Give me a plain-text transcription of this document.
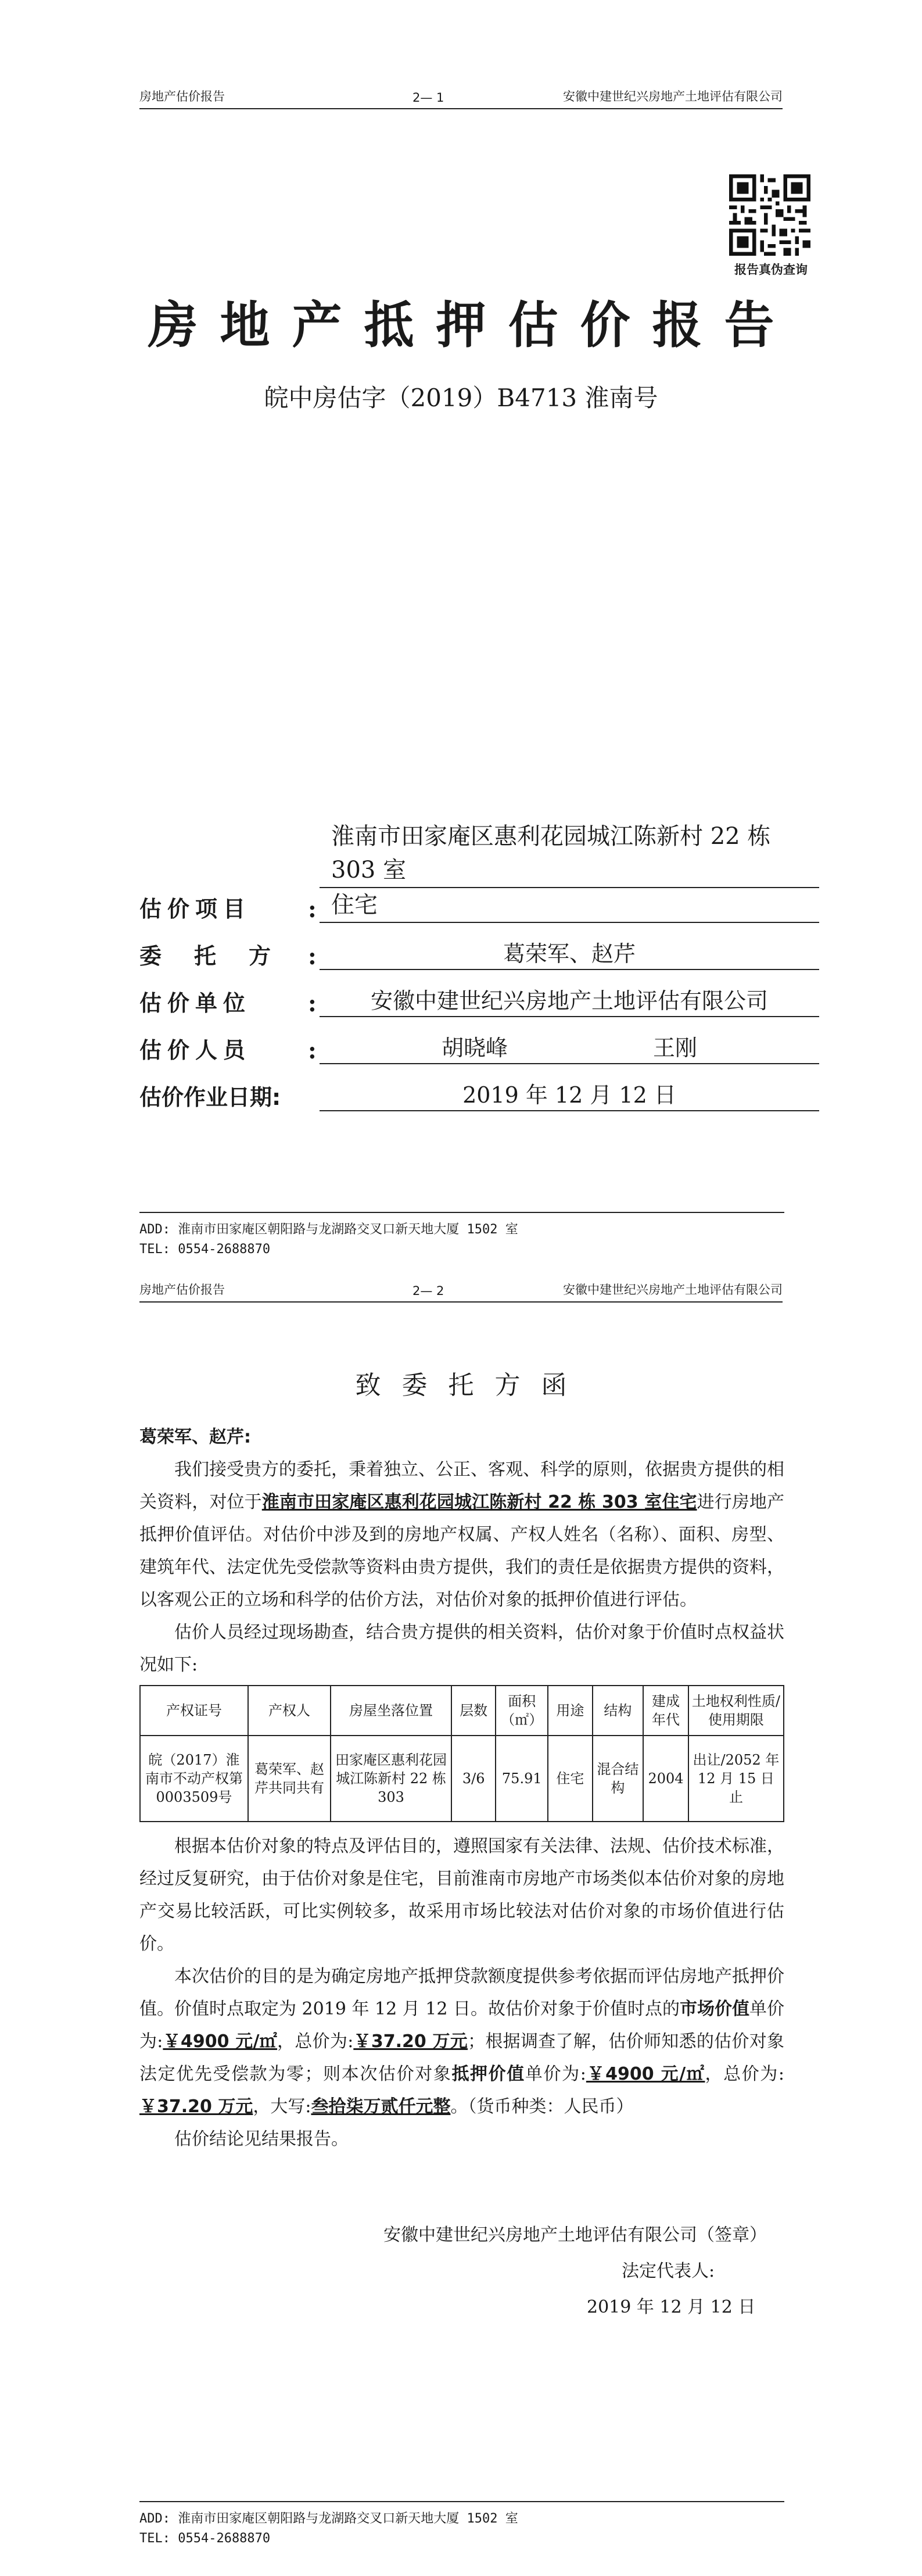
房地产估价报告	2— 1	安徽中建世纪兴房地产土地评估有限公司
报告真伪查询
房地产抵押估价报告
皖中房估字（2019）B4713 淮南号
估价项目	:
淮南市田家庵区惠利花园城江陈新村 22 栋 303 室
住宅
委托方 :	葛荣军、赵芹
估价单位	:	安徽中建世纪兴房地产土地评估有限公司
估价人员	:	胡晓峰	王刚
估价作业日期:	2019 年 12 月 12 日
ADD: 淮南市田家庵区朝阳路与龙湖路交叉口新天地大厦 1502 室
TEL: 0554-2688870
房地产估价报告	2— 2	安徽中建世纪兴房地产土地评估有限公司
致委托方函
葛荣军、赵芹:

我们接受贵方的委托，秉着独立、公正、客观、科学的原则，依据贵方提供的相关资料，对位于淮南市田家庵区惠利花园城江陈新村 22 栋 303 室住宅进行房地产抵押价值评估。对估价中涉及到的房地产权属、产权人姓名（名称）、面积、房型、建筑年代、法定优先受偿款等资料由贵方提供，我们的责任是依据贵方提供的资料，以客观公正的立场和科学的估价方法，对估价对象的抵押价值进行评估。

估价人员经过现场勘查，结合贵方提供的相关资料，估价对象于价值时点权益状况如下:

产权证号	产权人	房屋坐落位置	层数	面积（㎡）	用途	结构	建成年代	土地权利性质/使用期限
皖（2017）淮南市不动产权第0003509号	葛荣军、赵芹共同共有	田家庵区惠利花园城江陈新村 22 栋 303	3/6	75.91	住宅	混合结构	2004	出让/2052 年 12 月 15 日止

根据本估价对象的特点及评估目的，遵照国家有关法律、法规、估价技术标准，经过反复研究，由于估价对象是住宅，目前淮南市房地产市场类似本估价对象的房地产交易比较活跃，可比实例较多，故采用市场比较法对估价对象的市场价值进行估价。

本次估价的目的是为确定房地产抵押贷款额度提供参考依据而评估房地产抵押价值。价值时点取定为 2019 年 12 月 12 日。故估价对象于价值时点的市场价值单价为:￥4900 元/㎡，总价为:￥37.20 万元；根据调查了解，估价师知悉的估价对象法定优先受偿款为零；则本次估价对象抵押价值单价为:￥4900 元/㎡，总价为:￥37.20 万元，大写:叁拾柒万贰仟元整。（货币种类：人民币）

估价结论见结果报告。

安徽中建世纪兴房地产土地评估有限公司（签章）
法定代表人:
2019 年 12 月 12 日
ADD: 淮南市田家庵区朝阳路与龙湖路交叉口新天地大厦 1502 室
TEL: 0554-2688870
